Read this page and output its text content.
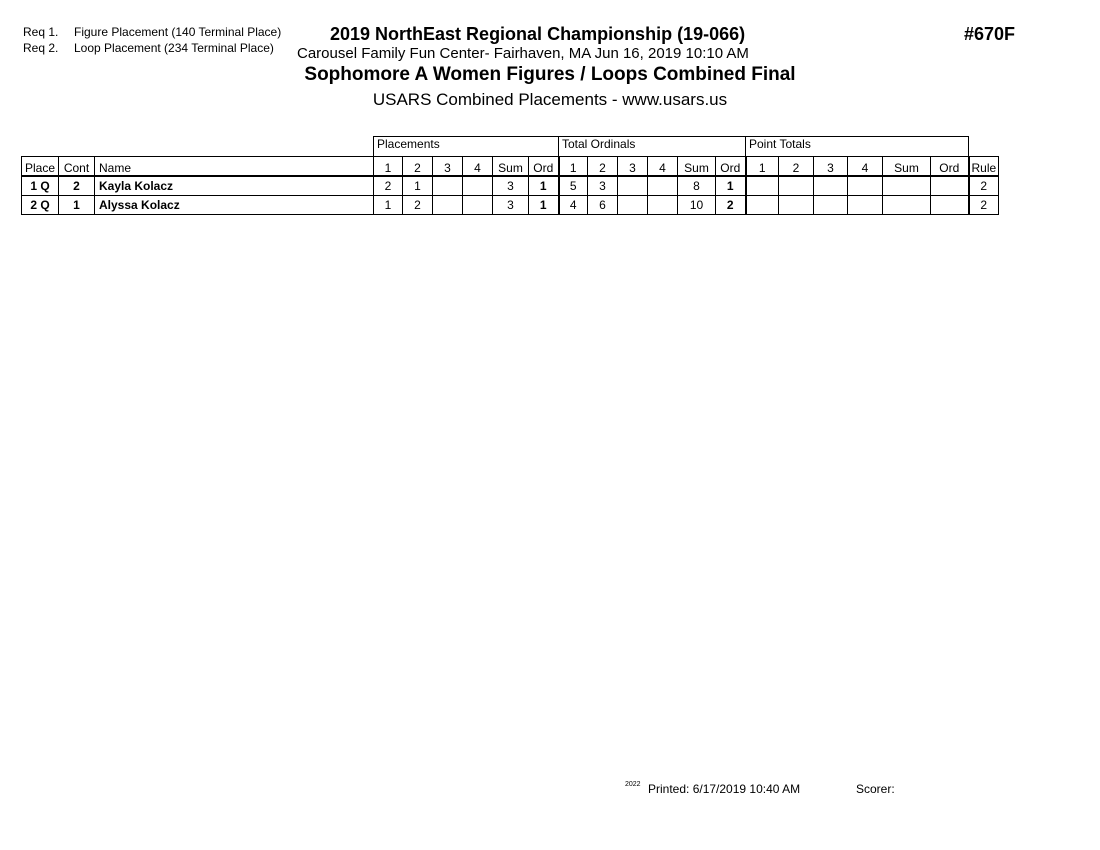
Req 1. Figure Placement (140 Terminal Place)
Req 2. Loop Placement (234 Terminal Place)
2019 NorthEast Regional Championship (19-066)
Carousel Family Fun Center- Fairhaven, MA Jun 16, 2019 10:10 AM
Sophomore A Women Figures / Loops Combined Final
USARS Combined Placements - www.usars.us
#670F
			Placements						Total Ordinals						Point Totals						
Place	Cont	Name	1	2	3	4	Sum	Ord	1	2	3	4	Sum	Ord	1	2	3	4	Sum	Ord	Rule
1 Q	2	Kayla Kolacz	2	1			3	1	5	3			8	1							2
2 Q	1	Alyssa Kolacz	1	2			3	1	4	6			10	2							2
2022 Printed: 6/17/2019 10:40 AM	Scorer:
